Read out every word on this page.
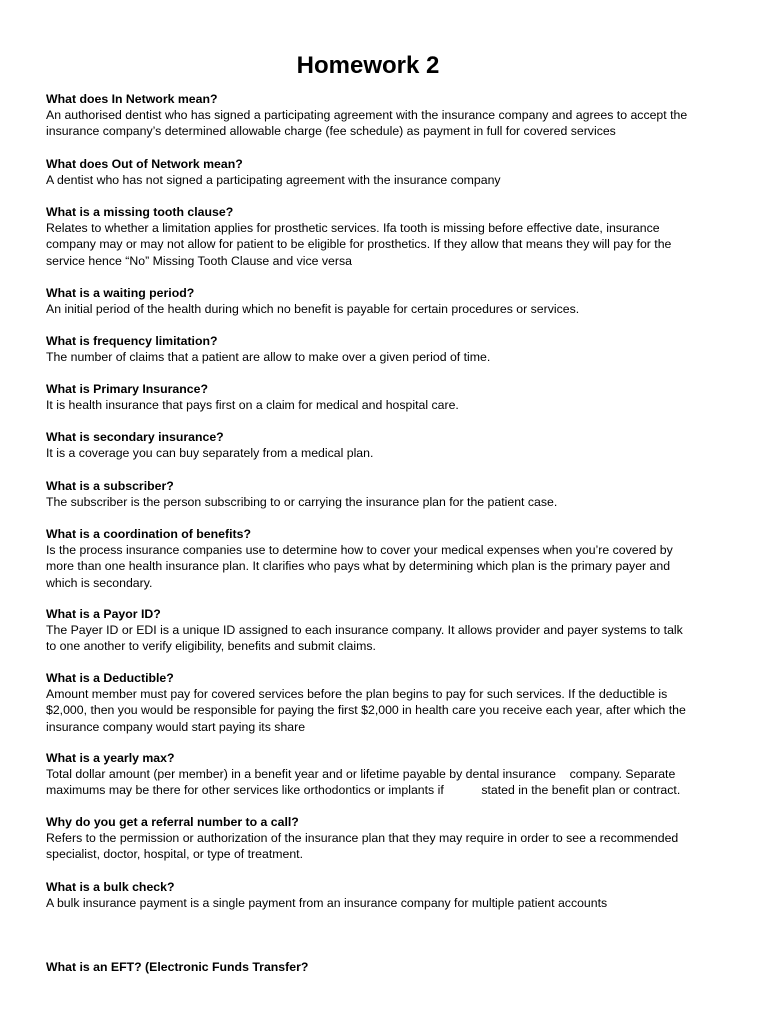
Homework 2
What does In Network mean?
An authorised dentist who has signed a participating agreement with the insurance company and agrees to accept the
insurance company’s determined allowable charge (fee schedule) as payment in full for covered services
What does Out of Network mean?
A dentist who has not signed a participating agreement with the insurance company
What is a missing tooth clause?
Relates to whether a limitation applies for prosthetic services. Ifa tooth is missing before effective date, insurance
company may or may not allow for patient to be eligible for prosthetics. If they allow that means they will pay for the
service hence “No” Missing Tooth Clause and vice versa
What is a waiting period?
An initial period of the health during which no benefit is payable for certain procedures or services.
What is frequency limitation?
The number of claims that a patient are allow to make over a given period of time.
What is Primary Insurance?
It is health insurance that pays first on a claim for medical and hospital care.
What is secondary insurance?
It is a coverage you can buy separately from a medical plan.
What is a subscriber?
The subscriber is the person subscribing to or carrying the insurance plan for the patient case.
What is a coordination of benefits?
Is the process insurance companies use to determine how to cover your medical expenses when you’re covered by
more than one health insurance plan. It clarifies who pays what by determining which plan is the primary payer and
which is secondary.
What is a Payor ID?
The Payer ID or EDI is a unique ID assigned to each insurance company. It allows provider and payer systems to talk
to one another to verify eligibility, benefits and submit claims.
What is a Deductible?
Amount member must pay for covered services before the plan begins to pay for such services. If the deductible is
$2,000, then you would be responsible for paying the first $2,000 in health care you receive each year, after which the
insurance company would start paying its share
What is a yearly max?
Total dollar amount (per member) in a benefit year and or lifetime payable by dental insurance    company. Separate
maximums may be there for other services like orthodontics or implants if           stated in the benefit plan or contract.
Why do you get a referral number to a call?
Refers to the permission or authorization of the insurance plan that they may require in order to see a recommended
specialist, doctor, hospital, or type of treatment.
What is a bulk check?
A bulk insurance payment is a single payment from an insurance company for multiple patient accounts
What is an EFT? (Electronic Funds Transfer?
